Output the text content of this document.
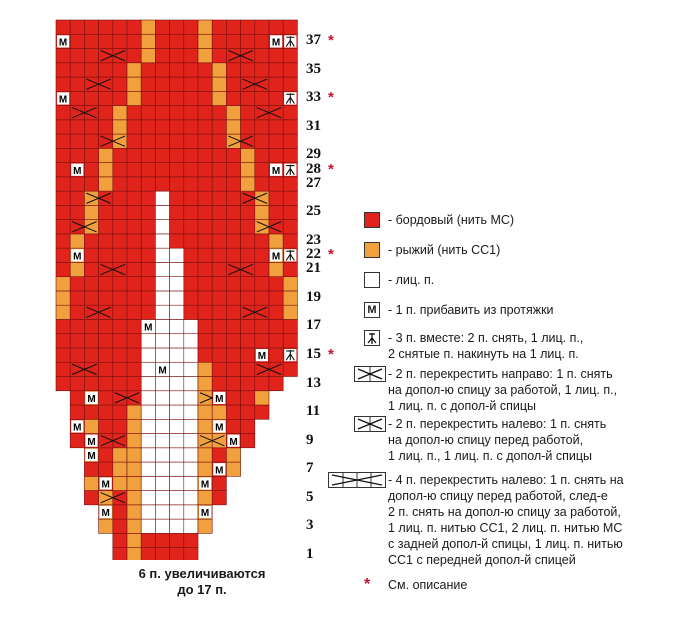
M
M
M
M
M
M
M
M
M
M
M
M
M
M
M
M
M
M
M
M
M
M
1
3
5
7
9
11
13
15 *
17
19
21
22 *
23
25
27
28 *
29
31
33 *
35
37 *
6 п. увеличиваются
до 17 п.
- бордовый (нить МС)
- рыжий (нить СС1)
- лиц. п.
M - 1 п. прибавить из протяжки
- 3 п. вместе: 2 п. снять, 1 лиц. п.,
2 снятые п. накинуть на 1 лиц. п.
- 2 п. перекрестить направо: 1 п. снять
на допол-ю спицу за работой, 1 лиц. п.,
1 лиц. п. с допол-й спицы
- 2 п. перекрестить налево: 1 п. снять
на допол-ю спицу перед работой,
1 лиц. п., 1 лиц. п. с допол-й спицы
- 4 п. перекрестить налево: 1 п. снять на
допол-ю спицу перед работой, след-е
2 п. снять на допол-ю спицу за работой,
1 лиц. п. нитью СС1, 2 лиц. п. нитью МС
с задней допол-й спицы, 1 лиц. п. нитью
СС1 с передней допол-й спицей
* См. описание
